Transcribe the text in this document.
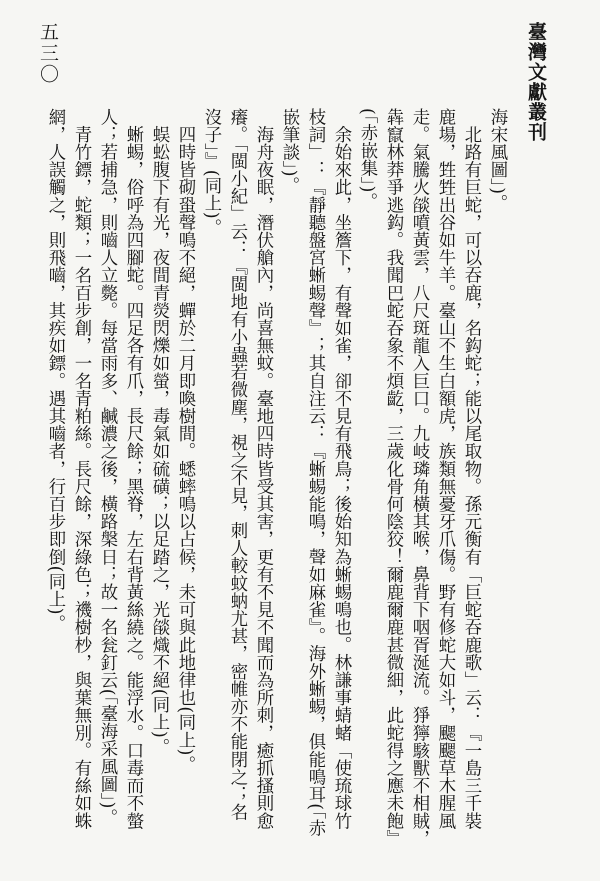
臺灣文獻叢刊
五三〇
海宋風圖」)。
　北路有巨蛇，可以吞鹿，名鈎蛇；能以尾取物。孫元衡有「巨蛇吞鹿歌」云：『一島三千裝
鹿場，甡甡出谷如牛羊。臺山不生白額虎，族類無憂牙爪傷。野有修蛇大如斗，颸颸草木腥風
走。氣騰火燄噴黃雲，八尺斑龍入巨口。九岐璘角橫其喉，鼻背下咽胥涎流。猙獰駭獸不相賊，
犇竄林莽爭逃鈎。我聞巴蛇吞象不煩齕，三歲化骨何陰狡！爾鹿爾鹿甚微細，此蛇得之應未飽』
(「赤嵌集」)。
　余始來此，坐簷下，有聲如雀，卻不見有飛鳥；後始知為蜥蜴鳴也。林謙事蜻蝫「使琉球竹
枝詞」：『靜聽盤宮蜥蜴聲』；其自注云：『蜥蜴能鳴，聲如麻雀』。海外蜥蜴，俱能鳴耳(「赤
嵌筆談」)。
　海舟夜眠，潛伏艙內，尚喜無蚊。臺地四時皆受其害，更有不見不聞而為所刺，癒抓搔則愈
癢。「閩小紀」云：『閩地有小蟲若微塵，視之不見，刺人較蚊蚋尤甚，密帷亦不能閉之；名
沒子」』(同上)。
　四時皆砌蛩聲鳴不絕，蟬於二月即喚樹間。蟋蟀鳴以占候，未可與此地律也(同上)。
　蜈蚣腹下有光，夜間青熒閃爍如螢，毒氣如硫磺；以足踏之，光燄熾不絕(同上)。
　蜥蜴，俗呼為四腳蛇。四足各有爪，長尺餘；黑脊，左右背黃絲繞之。能浮水。口毒而不螫
人；若捕急，則嚙人立斃。每當雨多、鹹濃之後，橫路槃日；故一名瓮釘云(「臺海采風圖」)。
　青竹鏢，蛇類；一名百步創，一名青粕絲。長尺餘，深綠色；禨樹杪，與葉無別。有絲如蛛
網，人誤觸之，則飛嚙，其疾如鏢。遇其嚙者，行百步即倒(同上)。
